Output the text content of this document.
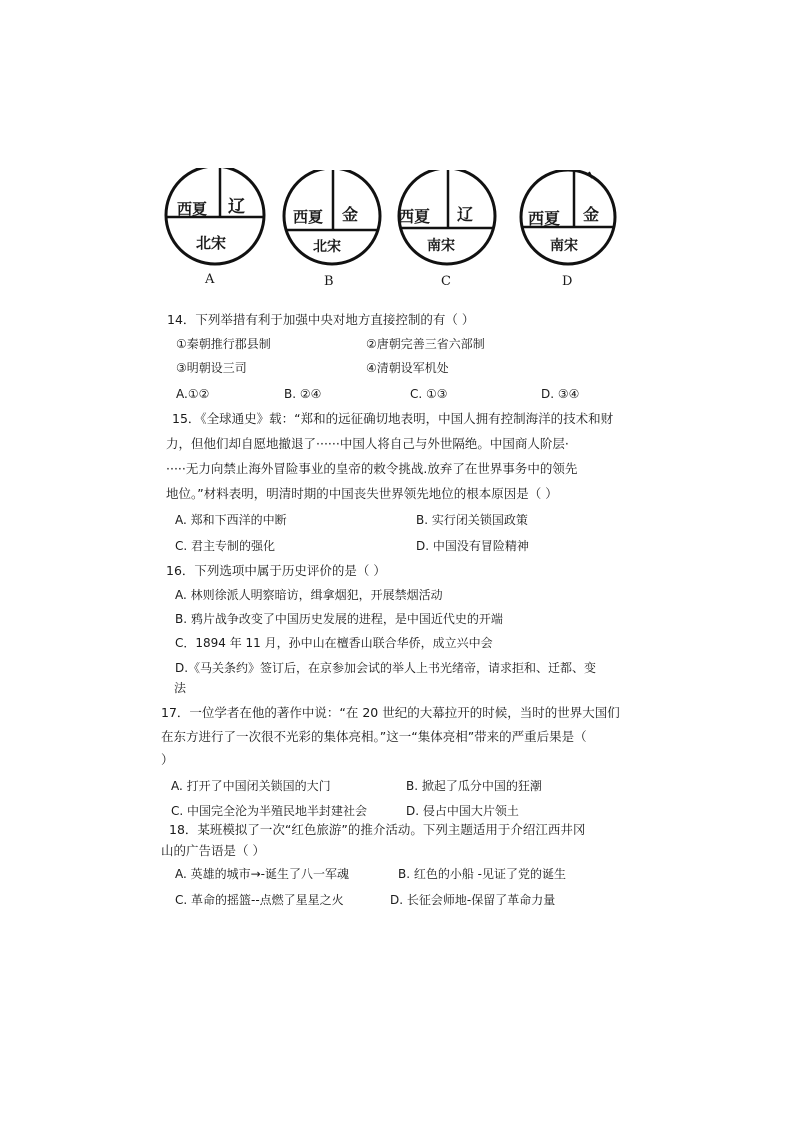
西夏 辽
北宋
A
西夏 金
北宋
B
西夏 辽
南宋
C
西夏 金
南宋
D
14．下列举措有利于加强中央对地方直接控制的有（ ）
①秦朝推行郡县制	②唐朝完善三省六部制
③明朝设三司	④清朝设军机处
A.①②	B. ②④	C. ①③	D. ③④
15．《全球通史》载：“郑和的远征确切地表明，中国人拥有控制海洋的技术和财
力，但他们却自愿地撤退了······中国人将自己与外世隔绝。中国商人阶层·
·····无力向禁止海外冒险事业的皇帝的敕令挑战.放弃了在世界事务中的领先
地位。”材料表明，明清时期的中国丧失世界领先地位的根本原因是（ ）
A. 郑和下西洋的中断	B. 实行闭关锁国政策
C. 君主专制的强化	D. 中国没有冒险精神
16．下列选项中属于历史评价的是（ ）
A. 林则徐派人明察暗访，缉拿烟犯，开展禁烟活动
B. 鸦片战争改变了中国历史发展的进程，是中国近代史的开端
C．1894 年 11 月，孙中山在檀香山联合华侨，成立兴中会
D.《马关条约》签订后，在京参加会试的举人上书光绪帝，请求拒和、迁都、变
法
17．一位学者在他的著作中说：“在 20 世纪的大幕拉开的时候，当时的世界大国们
在东方进行了一次很不光彩的集体亮相。”这一“集体亮相”带来的严重后果是（
）
A. 打开了中国闭关锁国的大门	B. 掀起了瓜分中国的狂潮
C. 中国完全沦为半殖民地半封建社会	D. 侵占中国大片领土
18．某班模拟了一次“红色旅游”的推介活动。下列主题适用于介绍江西井冈
山的广告语是（ ）
A. 英雄的城市→-诞生了八一军魂	B. 红色的小船 -见证了党的诞生
C. 革命的摇篮--点燃了星星之火	D. 长征会师地-保留了革命力量
